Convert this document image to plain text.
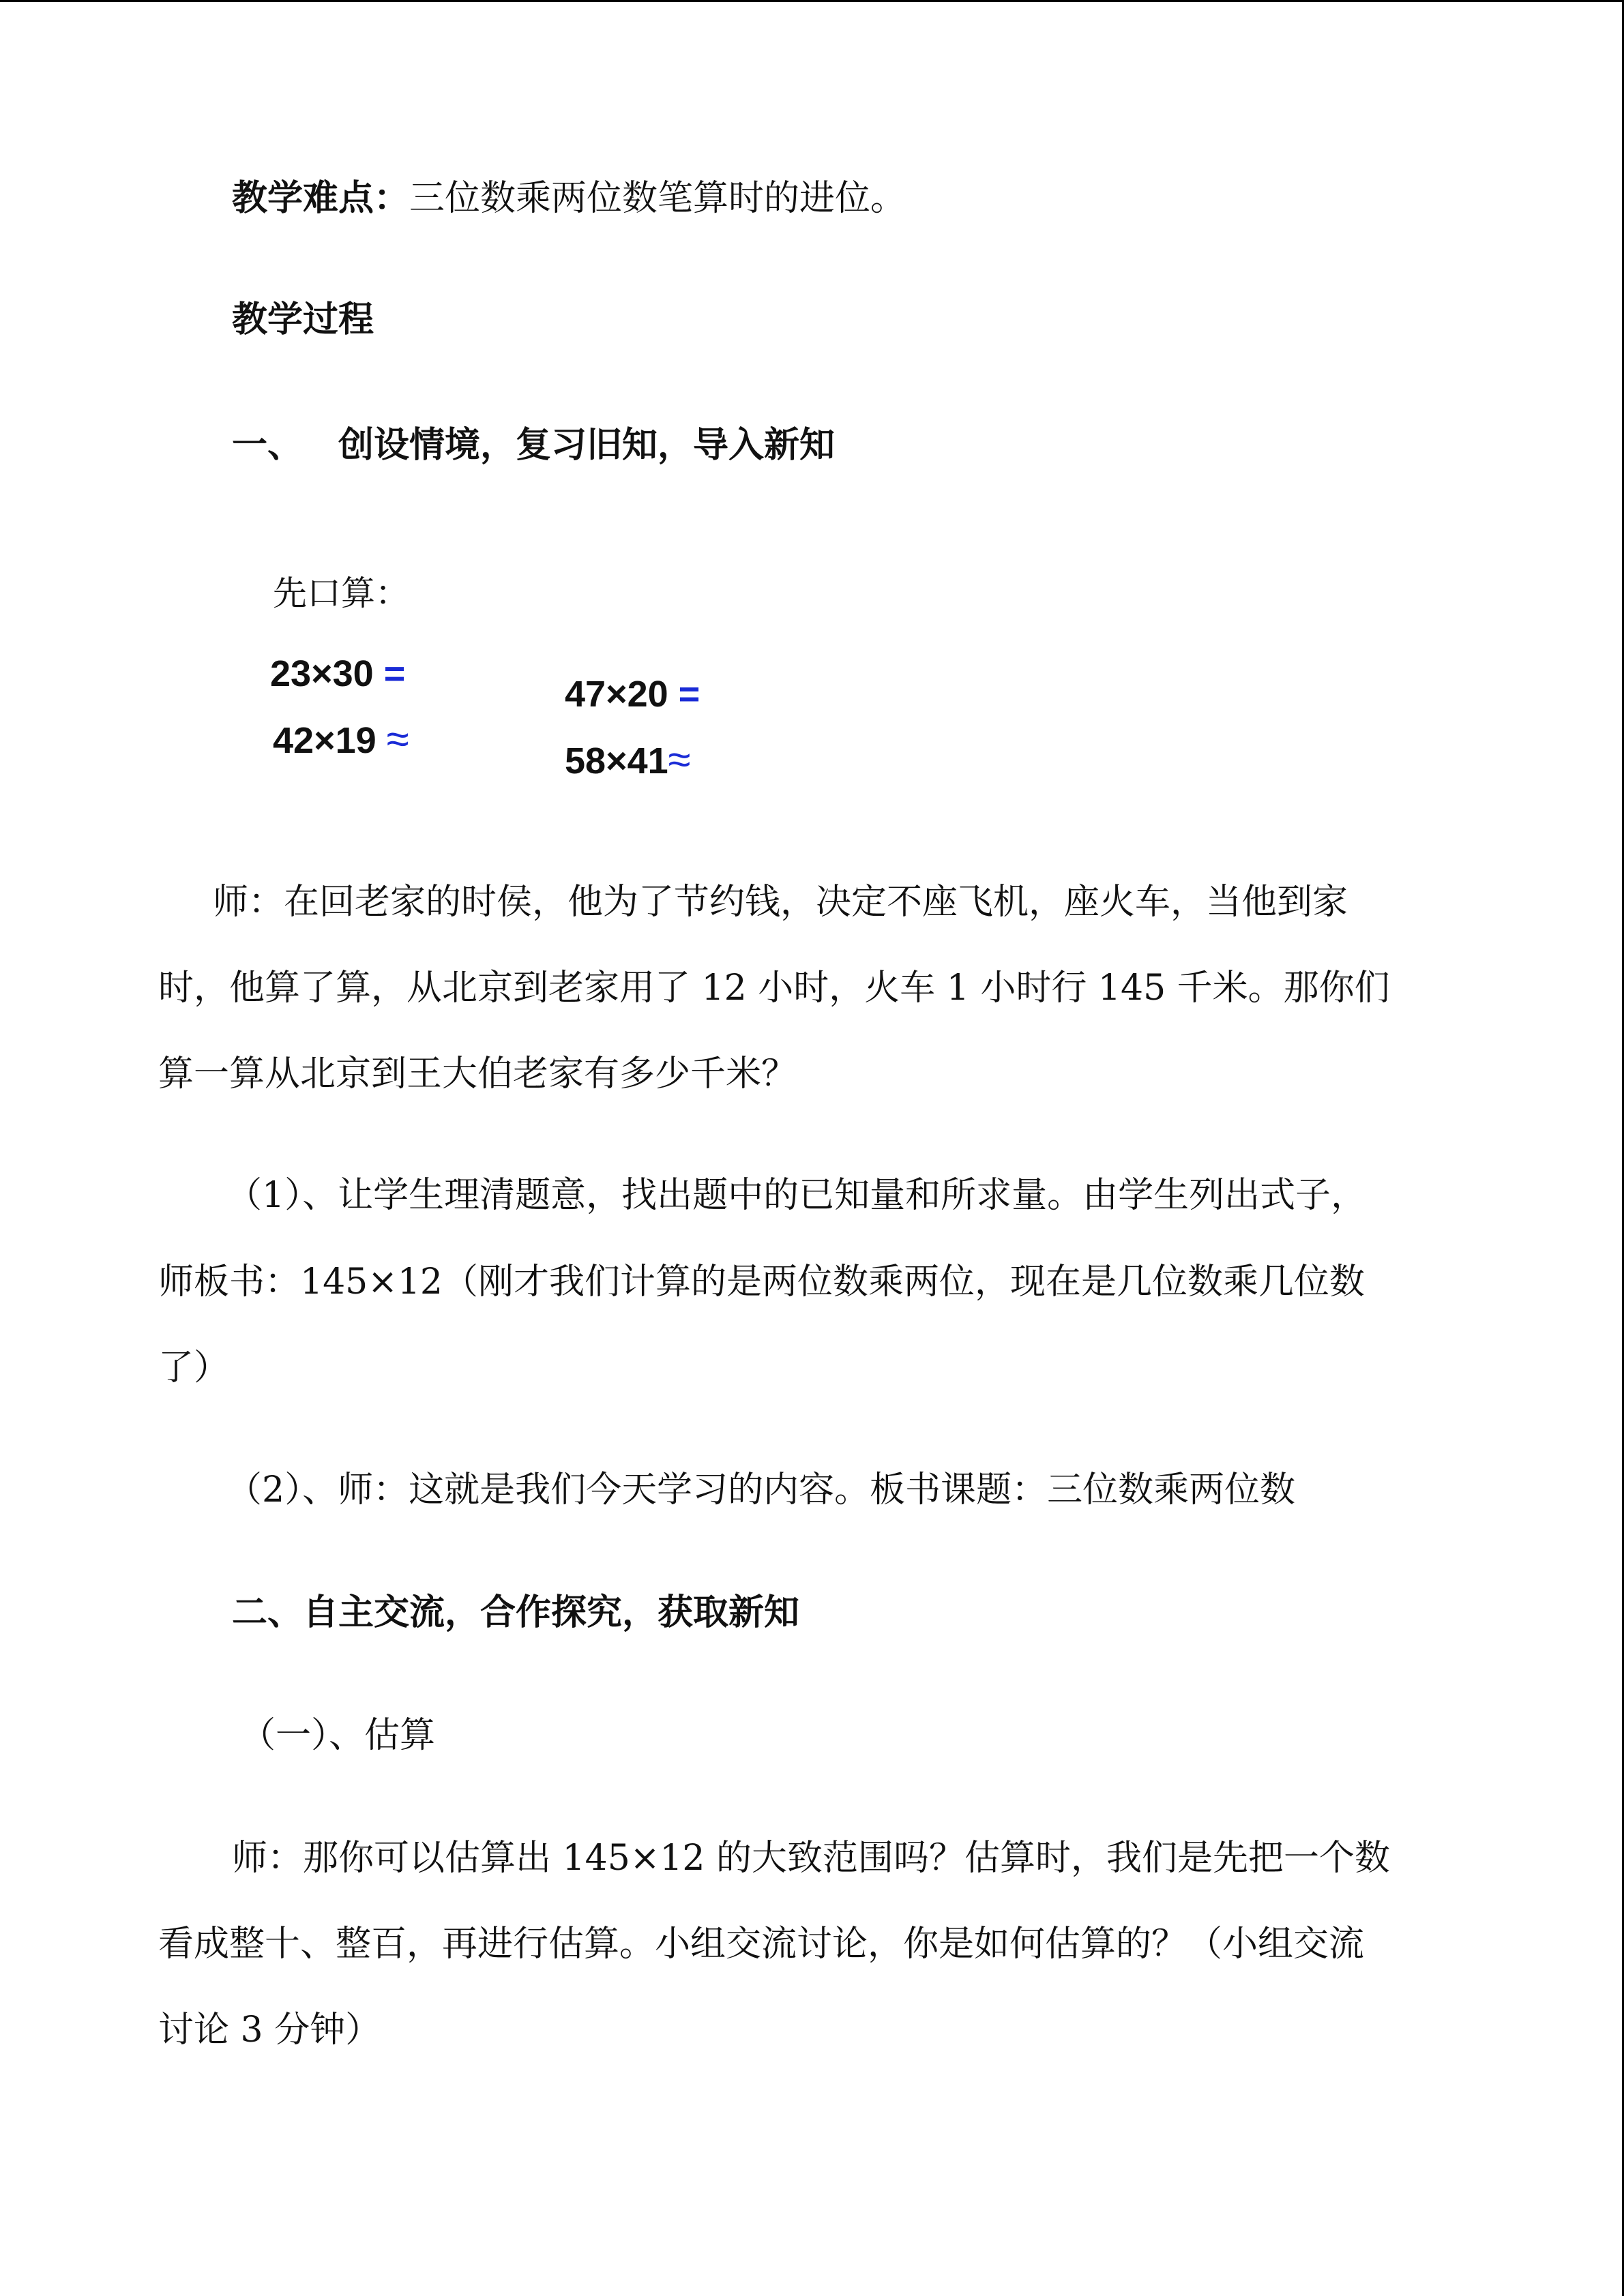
教学难点：三位数乘两位数笔算时的进位。
教学过程
一、 创设情境，复习旧知，导入新知
先口算：
23×30 =
42×19 ≈
47×20 =
58×41≈
师：在回老家的时侯，他为了节约钱，决定不座飞机，座火车，当他到家
时，他算了算，从北京到老家用了 12 小时，火车 1 小时行 145 千米。那你们
算一算从北京到王大伯老家有多少千米？
（1）、让学生理清题意，找出题中的已知量和所求量。由学生列出式子，
师板书：145×12（刚才我们计算的是两位数乘两位，现在是几位数乘几位数
了）
（2）、师：这就是我们今天学习的内容。板书课题：三位数乘两位数
二、自主交流，合作探究，获取新知
（一）、估算
师：那你可以估算出 145×12 的大致范围吗？估算时，我们是先把一个数
看成整十、整百，再进行估算。小组交流讨论，你是如何估算的？（小组交流
讨论 3 分钟）
